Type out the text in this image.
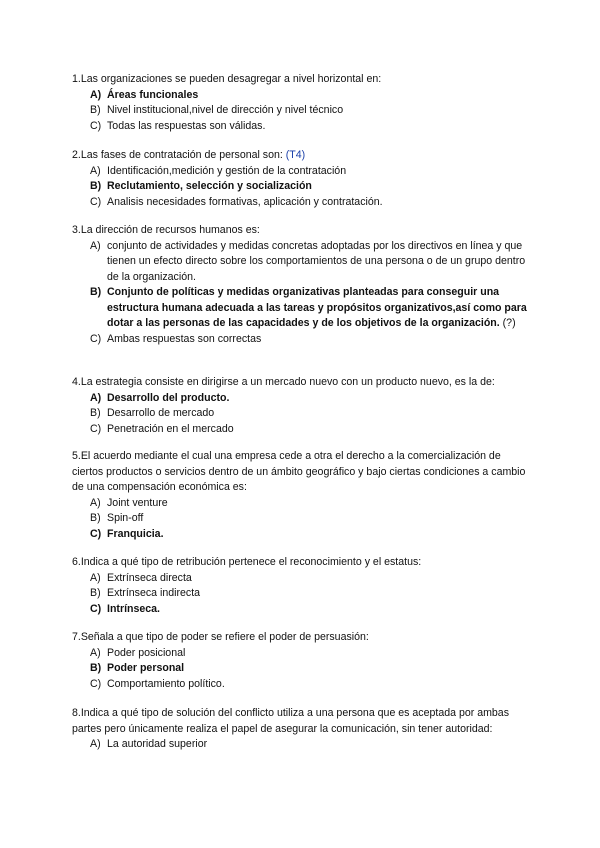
1.Las organizaciones se pueden desagregar a nivel horizontal en:

A) Áreas funcionales
B) Nivel institucional,nivel de dirección y nivel técnico
C) Todas las respuestas son válidas.

2.Las fases de contratación de personal son: (T4)

A) Identificación,medición y gestión de la contratación
B) Reclutamiento, selección y socialización
C) Analisis necesidades formativas, aplicación y contratación.

3.La dirección de recursos humanos es:

A) conjunto de actividades y medidas concretas adoptadas por los directivos en línea y que tienen un efecto directo sobre los comportamientos de una persona o de un grupo dentro de la organización.
B) Conjunto de políticas y medidas organizativas planteadas para conseguir una estructura humana adecuada a las tareas y propósitos organizativos,así como para dotar a las personas de las capacidades y de los objetivos de la organización. (?)
C) Ambas respuestas son correctas

4.La estrategia consiste en dirigirse a un mercado nuevo con un producto nuevo, es la de:

A) Desarrollo del producto.
B) Desarrollo de mercado
C) Penetración en el mercado

5.El acuerdo mediante el cual una empresa cede a otra el derecho a la comercialización de ciertos productos o servicios dentro de un ámbito geográfico y bajo ciertas condiciones a cambio de una compensación económica es:

A) Joint venture
B) Spin-off
C) Franquicia.

6.Indica a qué tipo de retribución pertenece el reconocimiento y el estatus:

A) Extrínseca directa
B) Extrínseca indirecta
C) Intrínseca.

7.Señala a que tipo de poder se refiere el poder de persuasión:

A) Poder posicional
B) Poder personal
C) Comportamiento político.

8.Indica a qué tipo de solución del conflicto utiliza a una persona que es aceptada por ambas partes pero únicamente realiza el papel de asegurar la comunicación, sin tener autoridad:

A) La autoridad superior
